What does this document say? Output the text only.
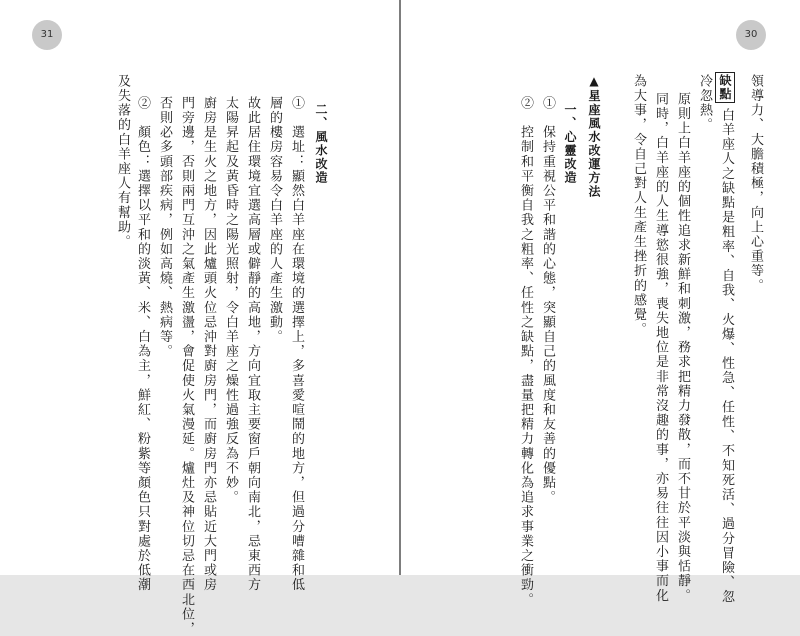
31
二、風水改造
①　選址：顯然白羊座在環境的選擇上，多喜愛喧鬧的地方，但過分嘈雜和低
層的樓房容易令白羊座的人產生激動。
故此居住環境宜選高層或僻靜的高地，方向宜取主要窗戶朝向南北，忌東西方
太陽昇起及黃昏時之陽光照射，令白羊座之燥性過強反為不妙。
廚房是生火之地方，因此爐頭火位忌沖對廚房門，而廚房門亦忌貼近大門或房
門旁邊，否則兩門互沖之氣產生激盪，會促使火氣漫延。爐灶及神位切忌在西北位，
否則必多頭部疾病，例如高燒、熱病等。
②　顏色：選擇以平和的淡黃、米、白為主，鮮紅、粉紫等顏色只對處於低潮
及失落的白羊座人有幫助。
30
領導力、大膽積極，向上心重等。
缺點
白羊座人之缺點是粗率、自我、火爆、性急、任性、不知死活、過分冒險、忽
冷忽熱。
原則上白羊座的個性追求新鮮和刺激，務求把精力發散，而不甘於平淡與恬靜。
同時，白羊座的人生導慾很強，喪失地位是非常沒趣的事，亦易往往因小事而化
為大事，令自己對人生產生挫折的感覺。
▲星座風水改運方法
一、心靈改造
①　保持重視公平和諧的心態，突顯自己的風度和友善的優點。
②　控制和平衡自我之粗率、任性之缺點，盡量把精力轉化為追求事業之衝勁。
